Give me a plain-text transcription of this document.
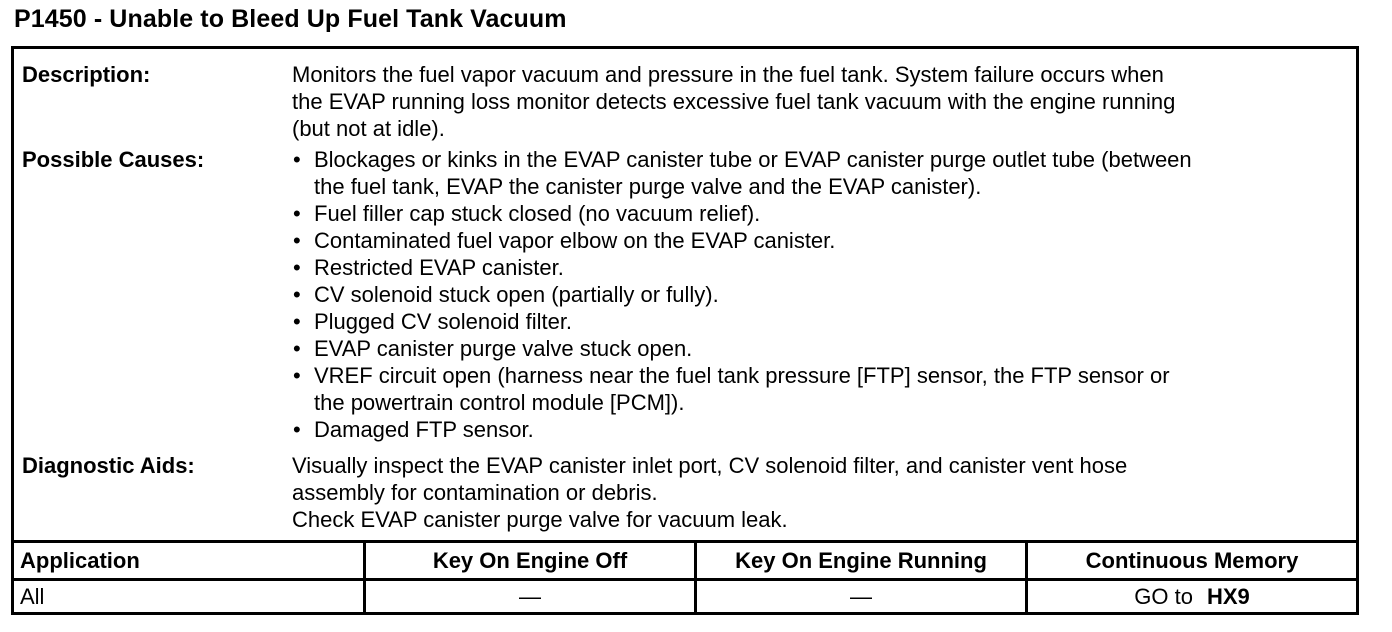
P1450 - Unable to Bleed Up Fuel Tank Vacuum
Description:	Monitors the fuel vapor vacuum and pressure in the fuel tank. System failure occurs when

the EVAP running loss monitor detects excessive fuel tank vacuum with the engine running

(but not at idle).

Possible Causes:	• Blockages or kinks in the EVAP canister tube or EVAP canister purge outlet tube (between
the fuel tank, EVAP the canister purge valve and the EVAP canister).
• Fuel filler cap stuck closed (no vacuum relief).
• Contaminated fuel vapor elbow on the EVAP canister.
• Restricted EVAP canister.
• CV solenoid stuck open (partially or fully).
• Plugged CV solenoid filter.
• EVAP canister purge valve stuck open.
• VREF circuit open (harness near the fuel tank pressure [FTP] sensor, the FTP sensor or
the powertrain control module [PCM]).
• Damaged FTP sensor.
Diagnostic Aids:	Visually inspect the EVAP canister inlet port, CV solenoid filter, and canister vent hose

assembly for contamination or debris.

Check EVAP canister purge valve for vacuum leak.

Application	Key On Engine Off	Key On Engine Running	Continuous Memory
All	—	—	GO to HX9
